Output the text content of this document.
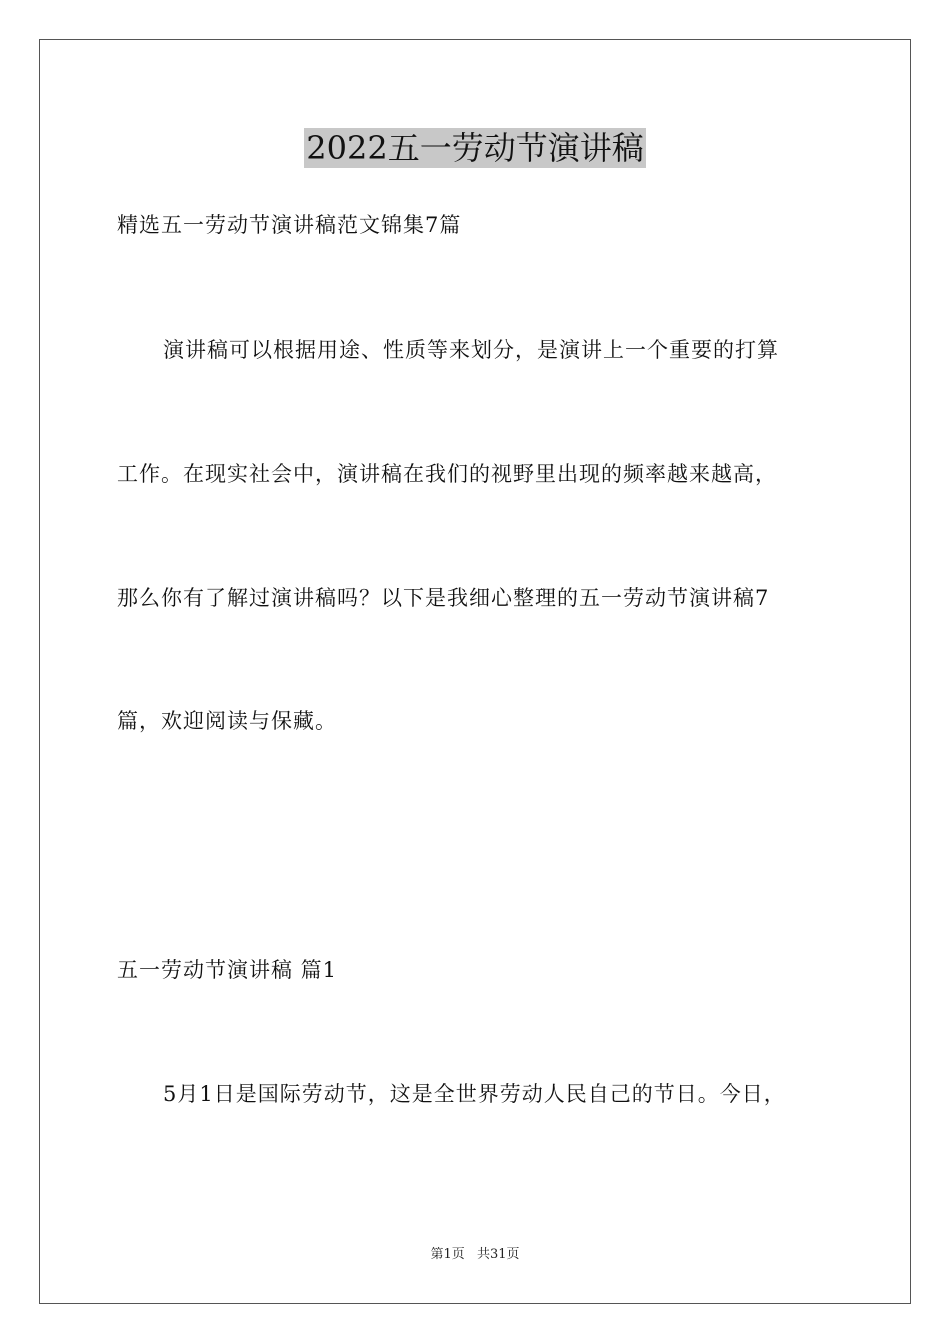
2022五一劳动节演讲稿
精选五一劳动节演讲稿范文锦集7篇
演讲稿可以根据用途、性质等来划分，是演讲上一个重要的打算
工作。在现实社会中，演讲稿在我们的视野里出现的频率越来越高，
那么你有了解过演讲稿吗？以下是我细心整理的五一劳动节演讲稿7
篇，欢迎阅读与保藏。
五一劳动节演讲稿 篇1
5月1日是国际劳动节，这是全世界劳动人民自己的节日。今日，
第1页 共31页
